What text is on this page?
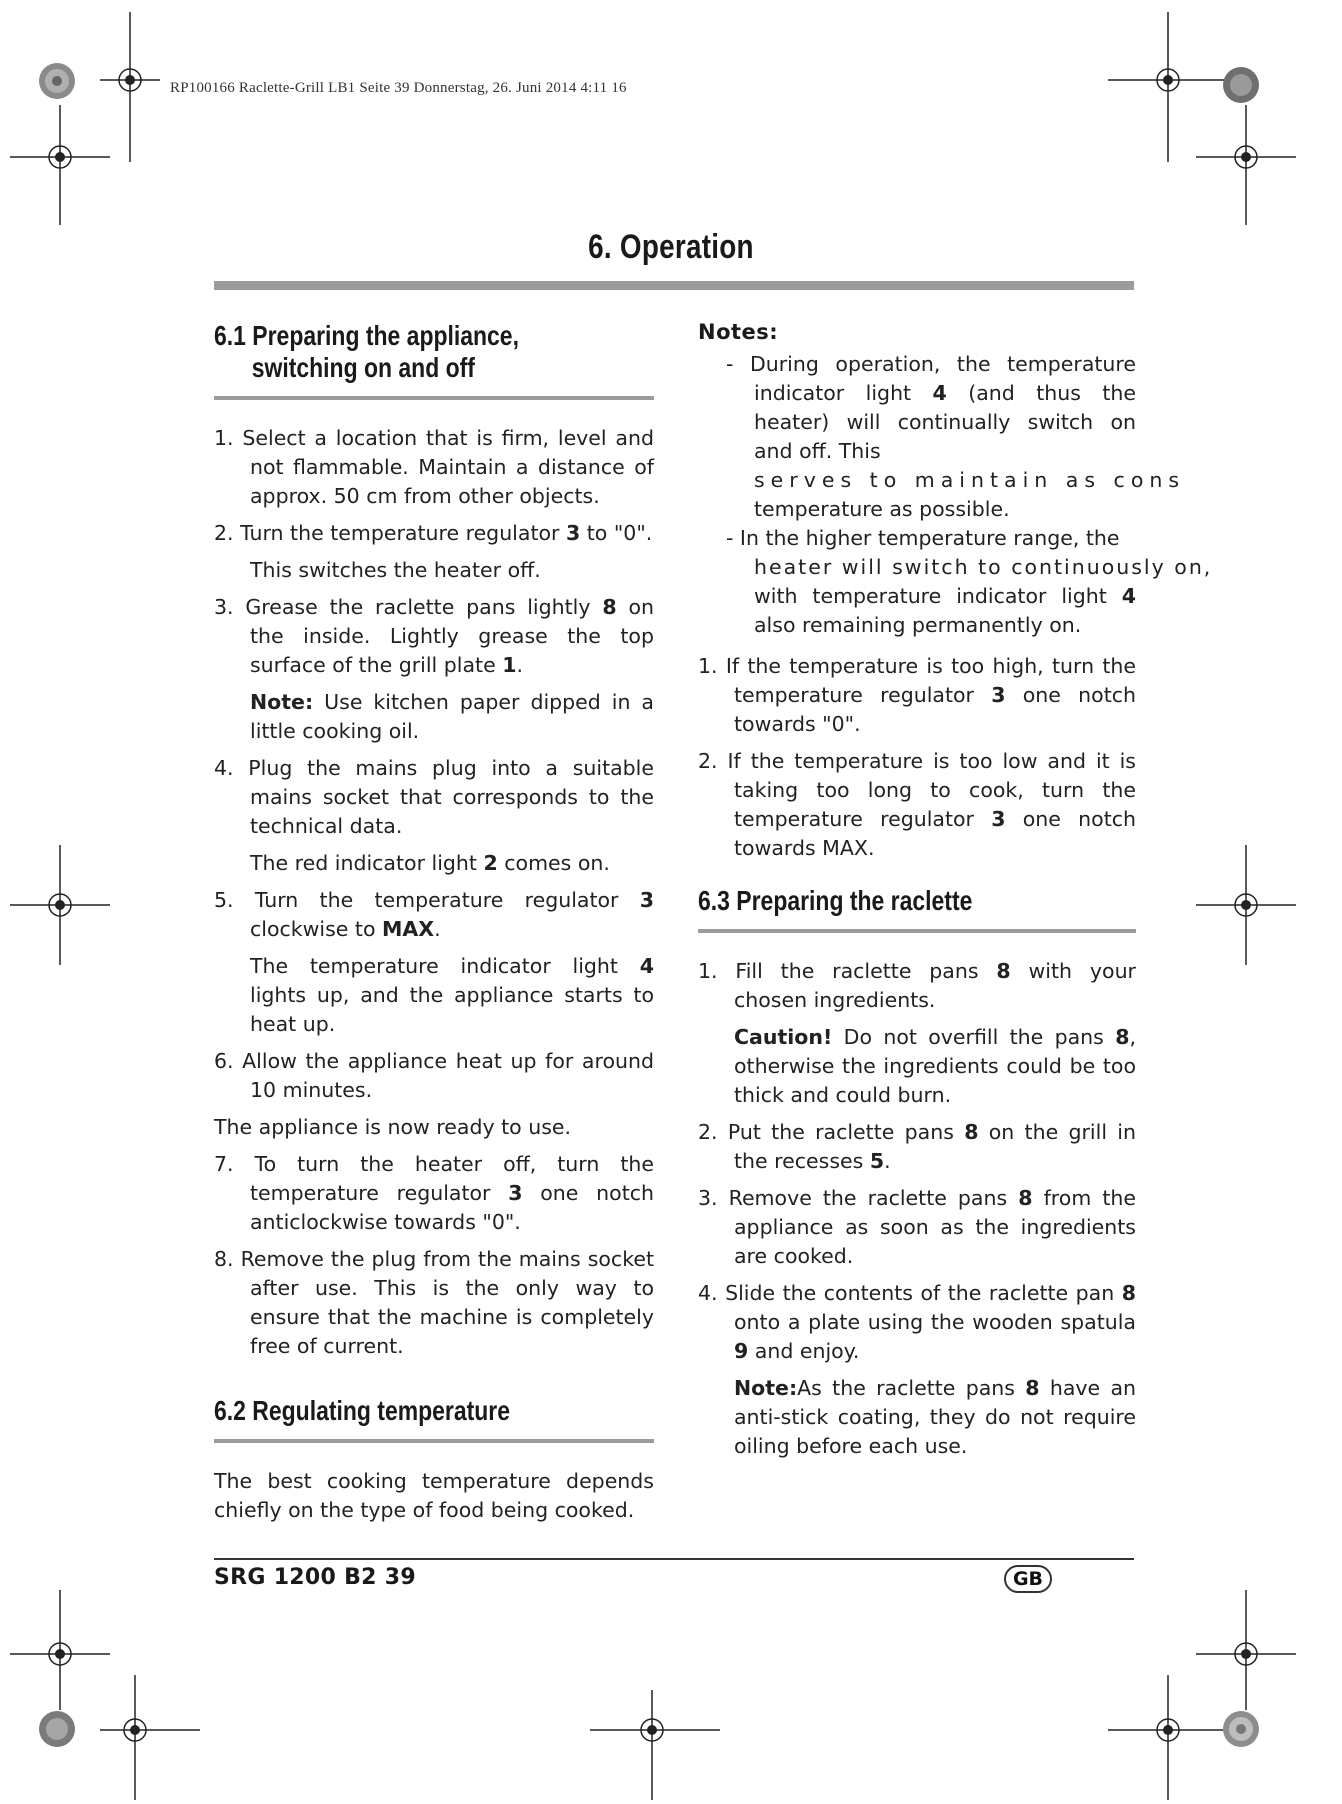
RP100166 Raclette-Grill LB1 Seite 39 Donnerstag, 26. Juni 2014 4:11 16
6. Operation
6.1 Preparing the appliance,
switching on and off

1. Select a location that is firm, level and not flammable. Maintain a distance of approx. 50 cm from other objects.

2. Turn the temperature regulator 3 to "0".

This switches the heater off.

3. Grease the raclette pans lightly 8 on the inside. Lightly grease the top surface of the grill plate 1.

Note: Use kitchen paper dipped in a little cooking oil.

4. Plug the mains plug into a suitable mains socket that corresponds to the technical data.

The red indicator light 2 comes on.

5. Turn the temperature regulator 3 clockwise to MAX.

The temperature indicator light 4 lights up, and the appliance starts to heat up.

6. Allow the appliance heat up for around 10 minutes.

The appliance is now ready to use.

7. To turn the heater off, turn the temperature regulator 3 one notch anticlockwise towards "0".

8. Remove the plug from the mains socket after use. This is the only way to ensure that the machine is completely free of current.

6.2 Regulating temperature

The best cooking temperature depends chiefly on the type of food being cooked.

Notes:

- During operation, the temperature indicator light 4 (and thus the heater) will continually switch on and off. This
serves to maintain as cons
temperature as possible.

- In the higher temperature range, the
heater will switch to continuously on,
with temperature indicator light 4 also remaining permanently on.

1. If the temperature is too high, turn the temperature regulator 3 one notch towards "0".

2. If the temperature is too low and it is taking too long to cook, turn the temperature regulator 3 one notch towards MAX.

6.3 Preparing the raclette

1. Fill the raclette pans 8 with your chosen ingredients.

Caution! Do not overfill the pans 8, otherwise the ingredients could be too thick and could burn.

2. Put the raclette pans 8 on the grill in the recesses 5.

3. Remove the raclette pans 8 from the appliance as soon as the ingredients are cooked.

4. Slide the contents of the raclette pan 8 onto a plate using the wooden spatula 9 and enjoy.

Note:As the raclette pans 8 have an anti-stick coating, they do not require oiling before each use.

SRG 1200 B2 39	GB
